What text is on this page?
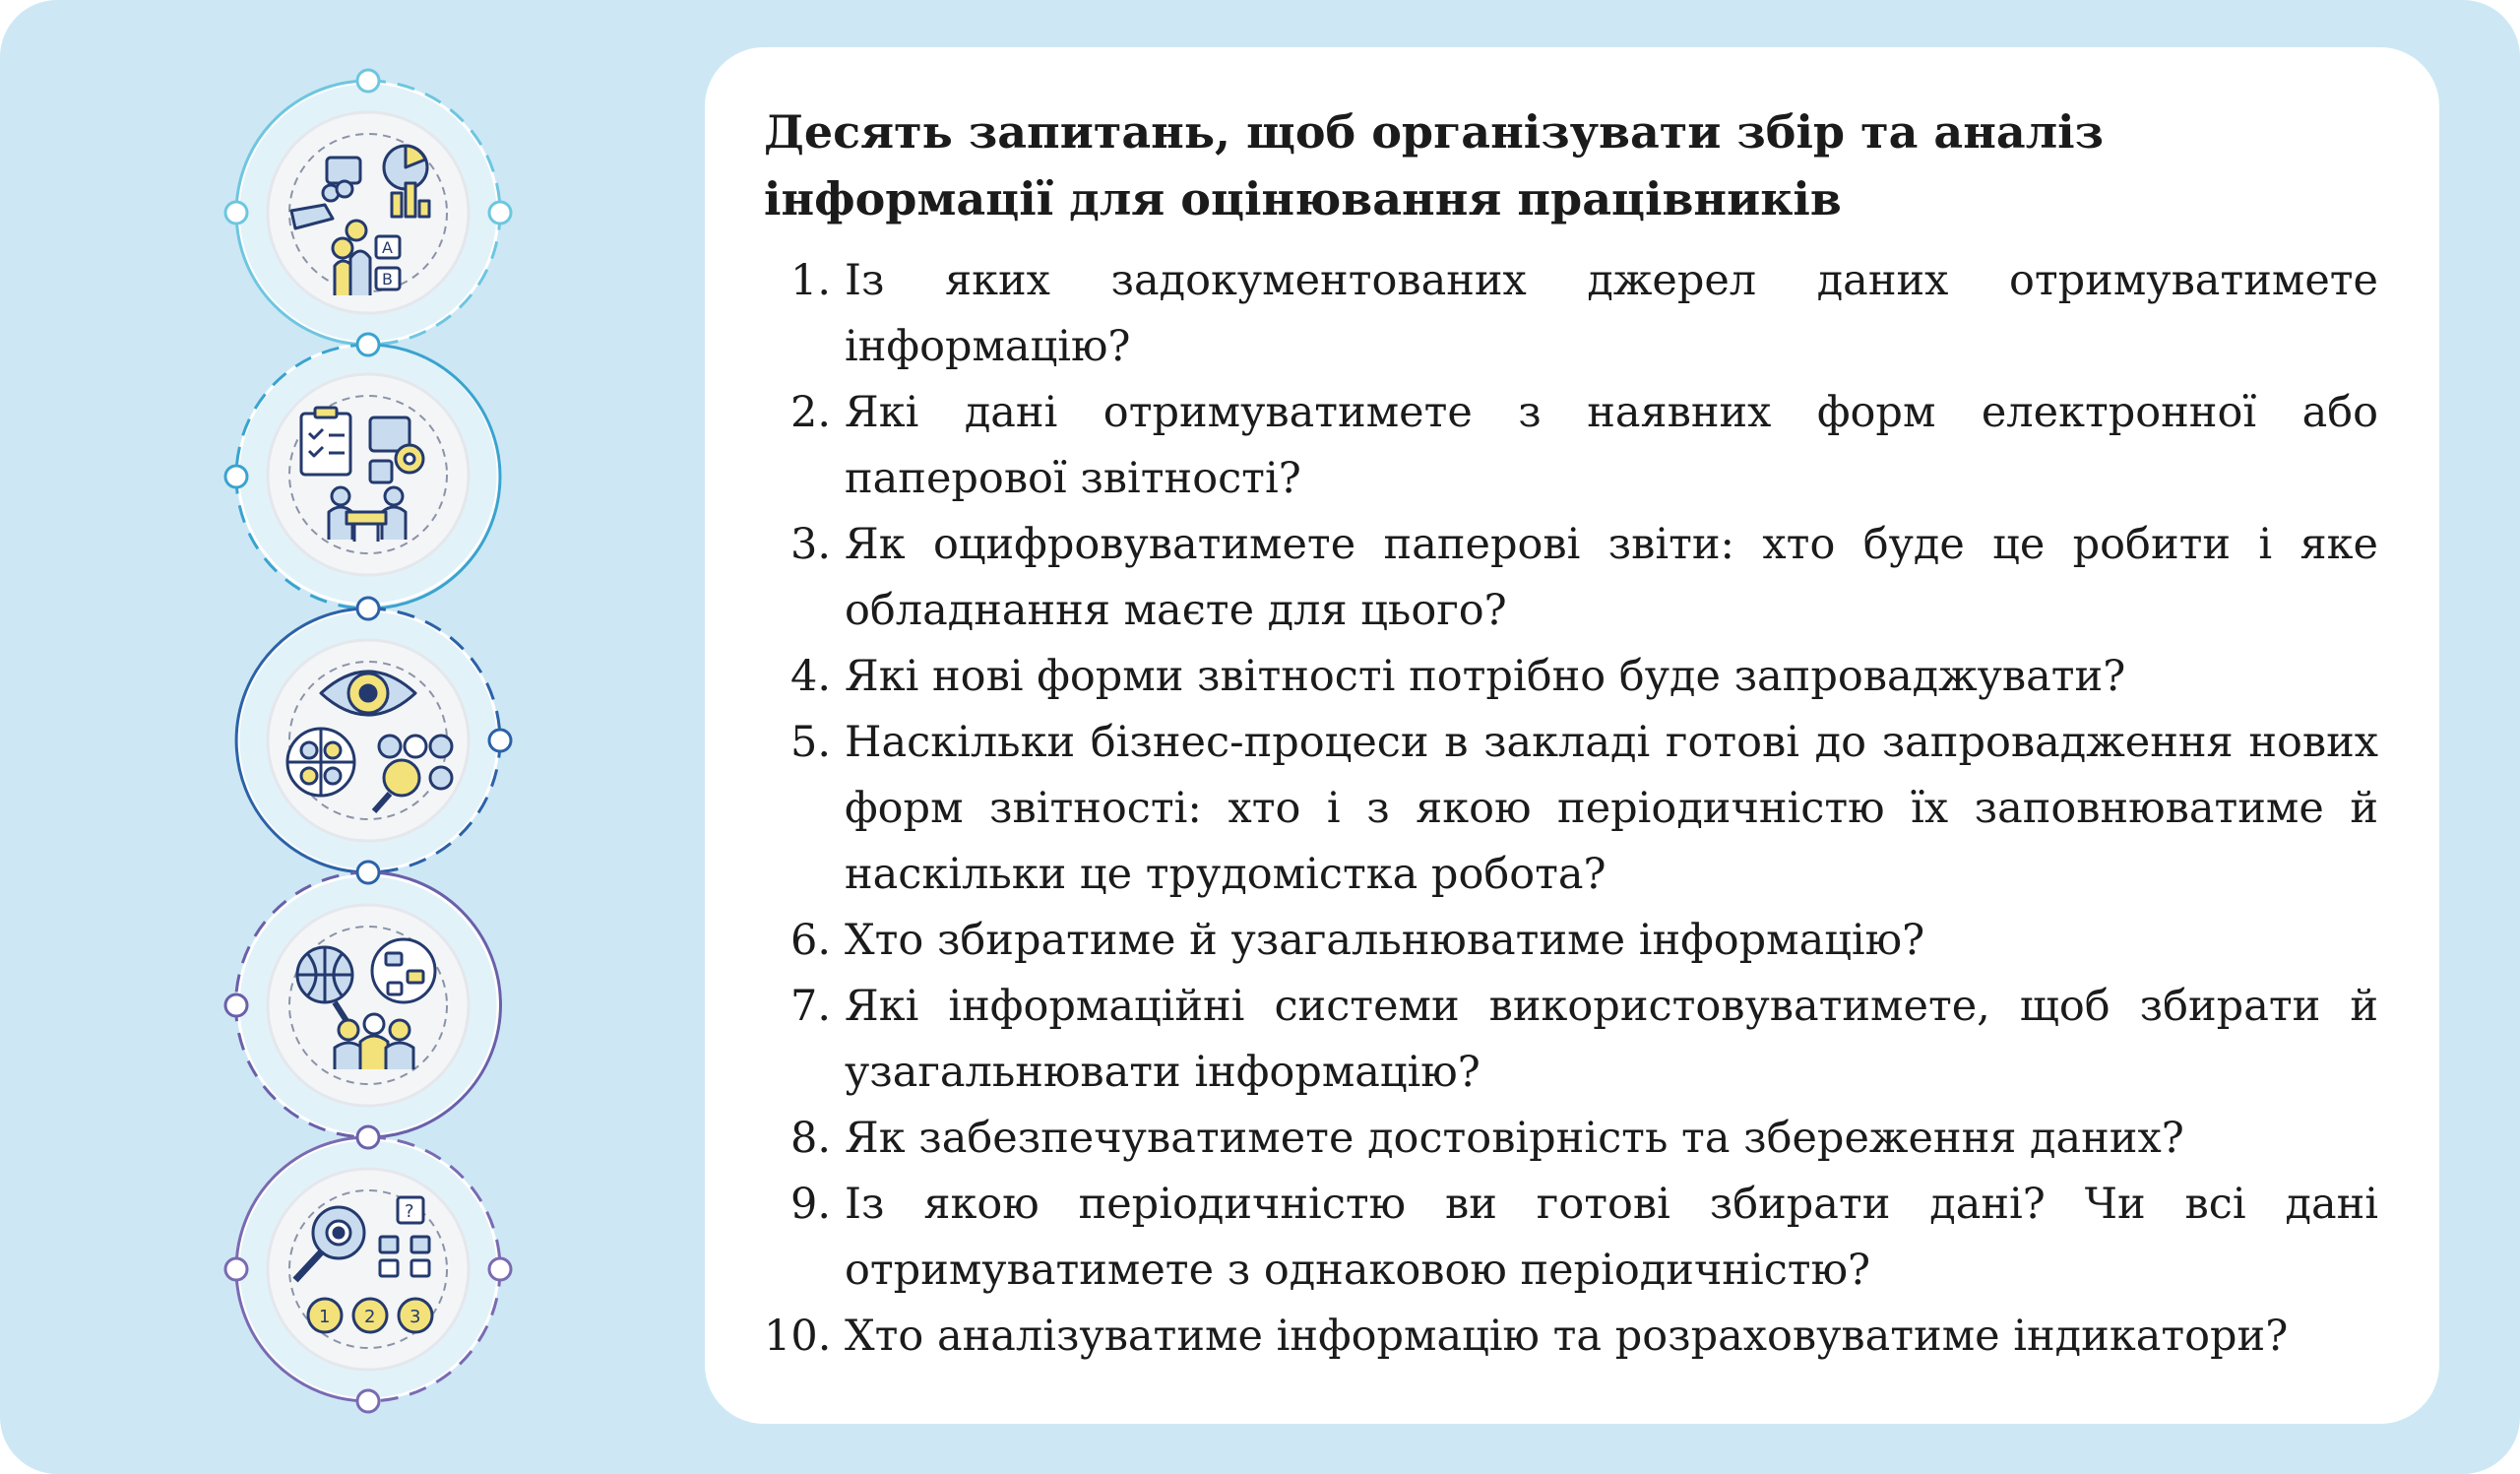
A
B
?
1 2 3
Десять запитань, щоб організувати збір та аналіз інформації для оцінювання працівників
1. Із яких задокументованих джерел даних отримуватимете інформацію?
2. Які дані отримуватимете з наявних форм електронної або паперової звітності?
3. Як оцифровуватимете паперові звіти: хто буде це робити і яке обладнання маєте для цього?
4. Які нові форми звітності потрібно буде запроваджувати?
5. Наскільки бізнес-процеси в закладі готові до запровадження нових форм звітності: хто і з якою періодичністю їх заповнюватиме й наскільки це трудомістка робота?
6. Хто збиратиме й узагальнюватиме інформацію?
7. Які інформаційні системи використовуватимете, щоб збирати й узагальнювати інформацію?
8. Як забезпечуватимете достовірність та збереження даних?
9. Із якою періодичністю ви готові збирати дані? Чи всі дані отримуватимете з однаковою періодичністю?
10. Хто аналізуватиме інформацію та розраховуватиме індикатори?
